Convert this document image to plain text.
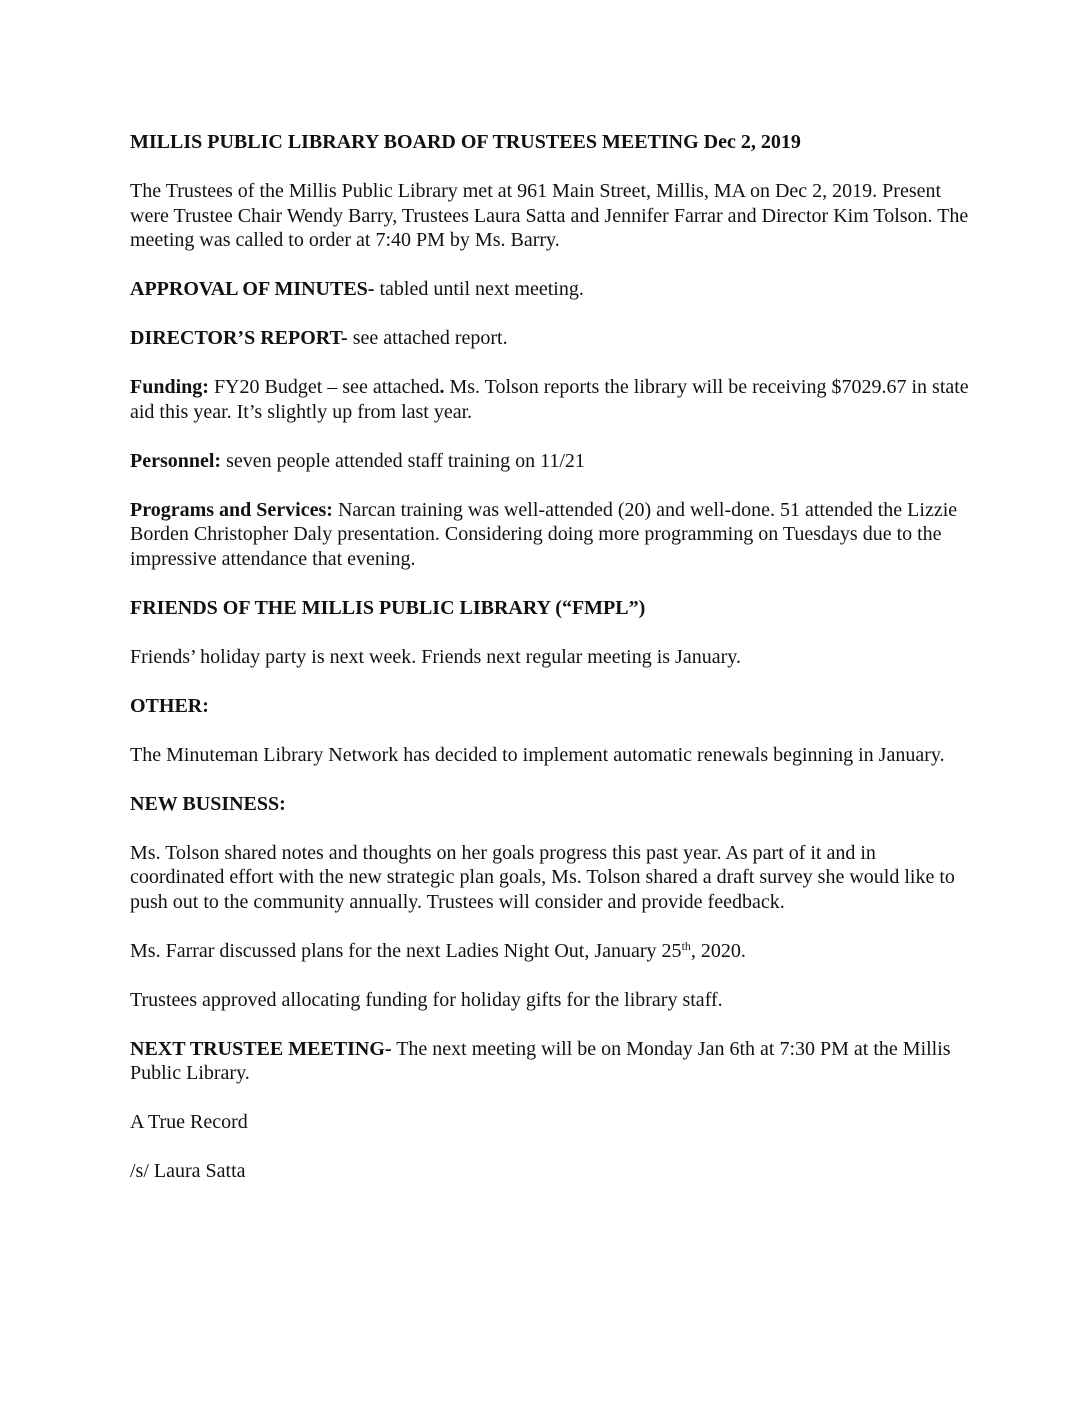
MILLIS PUBLIC LIBRARY BOARD OF TRUSTEES MEETING Dec 2, 2019

The Trustees of the Millis Public Library met at 961 Main Street, Millis, MA on Dec 2, 2019. Present were Trustee Chair Wendy Barry, Trustees Laura Satta and Jennifer Farrar and Director Kim Tolson. The meeting was called to order at 7:40 PM by Ms. Barry.

APPROVAL OF MINUTES- tabled until next meeting.

DIRECTOR’S REPORT- see attached report.

Funding: FY20 Budget – see attached. Ms. Tolson reports the library will be receiving $7029.67 in state aid this year. It’s slightly up from last year.

Personnel: seven people attended staff training on 11/21

Programs and Services: Narcan training was well-attended (20) and well-done. 51 attended the Lizzie Borden Christopher Daly presentation. Considering doing more programming on Tuesdays due to the impressive attendance that evening.

FRIENDS OF THE MILLIS PUBLIC LIBRARY (“FMPL”)

Friends’ holiday party is next week. Friends next regular meeting is January.

OTHER:

The Minuteman Library Network has decided to implement automatic renewals beginning in January.

NEW BUSINESS:

Ms. Tolson shared notes and thoughts on her goals progress this past year. As part of it and in coordinated effort with the new strategic plan goals, Ms. Tolson shared a draft survey she would like to push out to the community annually. Trustees will consider and provide feedback.

Ms. Farrar discussed plans for the next Ladies Night Out, January 25th, 2020.

Trustees approved allocating funding for holiday gifts for the library staff.

NEXT TRUSTEE MEETING- The next meeting will be on Monday Jan 6th at 7:30 PM at the Millis Public Library.

A True Record

/s/ Laura Satta
